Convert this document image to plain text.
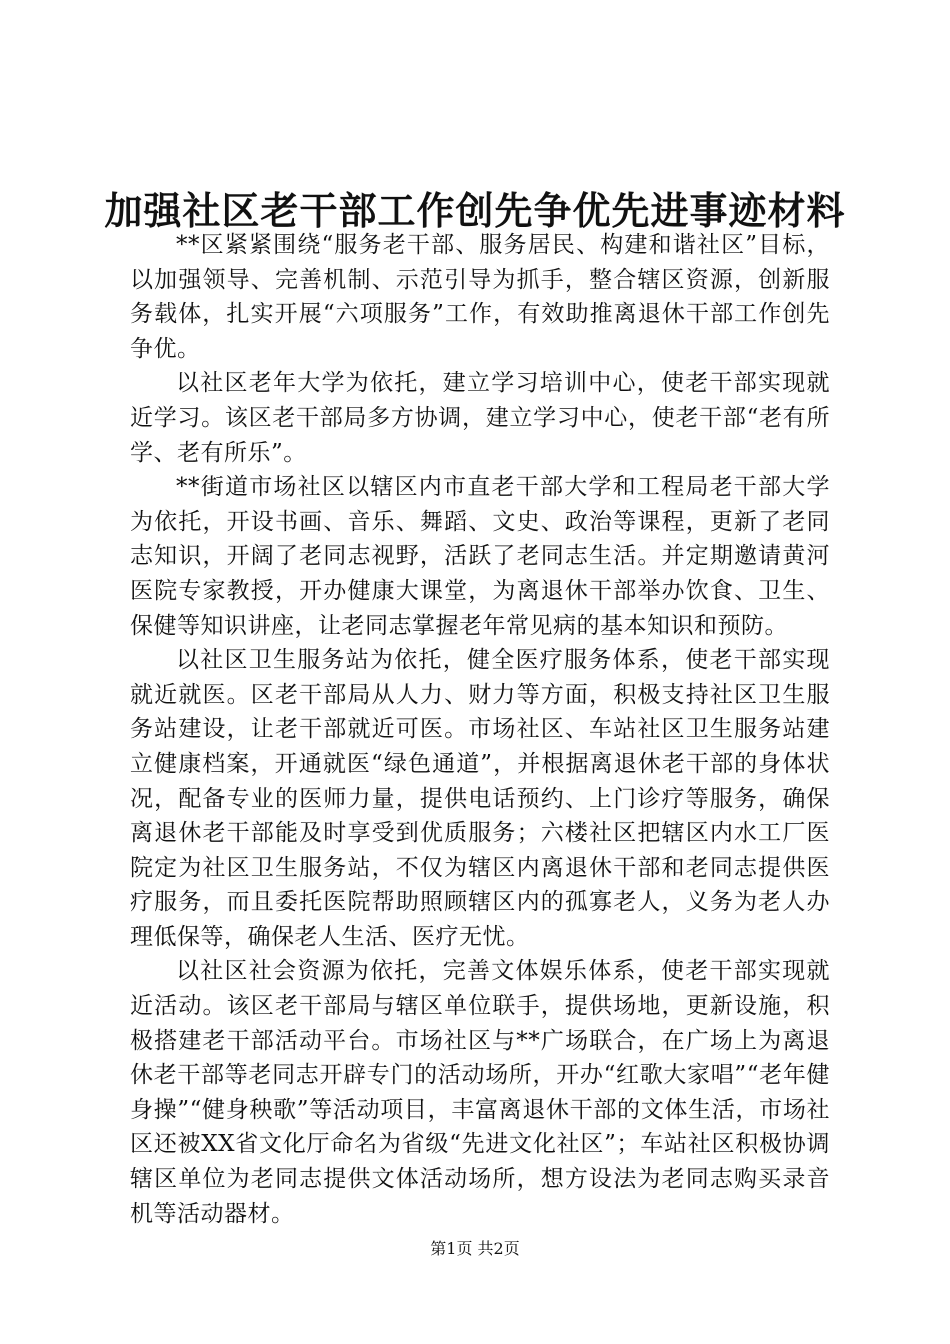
加强社区老干部工作创先争优先进事迹材料

**区紧紧围绕“服务老干部、服务居民、构建和谐社区”目标，以加强领导、完善机制、示范引导为抓手，整合辖区资源，创新服务载体，扎实开展“六项服务”工作，有效助推离退休干部工作创先争优。

以社区老年大学为依托，建立学习培训中心，使老干部实现就近学习。该区老干部局多方协调，建立学习中心，使老干部“老有所学、老有所乐”。

**街道市场社区以辖区内市直老干部大学和工程局老干部大学为依托，开设书画、音乐、舞蹈、文史、政治等课程，更新了老同志知识，开阔了老同志视野，活跃了老同志生活。并定期邀请黄河医院专家教授，开办健康大课堂，为离退休干部举办饮食、卫生、保健等知识讲座，让老同志掌握老年常见病的基本知识和预防。

以社区卫生服务站为依托，健全医疗服务体系，使老干部实现就近就医。区老干部局从人力、财力等方面，积极支持社区卫生服务站建设，让老干部就近可医。市场社区、车站社区卫生服务站建立健康档案，开通就医“绿色通道”，并根据离退休老干部的身体状况，配备专业的医师力量，提供电话预约、上门诊疗等服务，确保离退休老干部能及时享受到优质服务；六楼社区把辖区内水工厂医院定为社区卫生服务站，不仅为辖区内离退休干部和老同志提供医疗服务，而且委托医院帮助照顾辖区内的孤寡老人，义务为老人办理低保等，确保老人生活、医疗无忧。

以社区社会资源为依托，完善文体娱乐体系，使老干部实现就近活动。该区老干部局与辖区单位联手，提供场地，更新设施，积极搭建老干部活动平台。市场社区与**广场联合，在广场上为离退休老干部等老同志开辟专门的活动场所，开办“红歌大家唱”“老年健身操”“健身秧歌”等活动项目，丰富离退休干部的文体生活，市场社区还被XX省文化厅命名为省级“先进文化社区”；车站社区积极协调辖区单位为老同志提供文体活动场所，想方设法为老同志购买录音机等活动器材。

第1页 共2页
